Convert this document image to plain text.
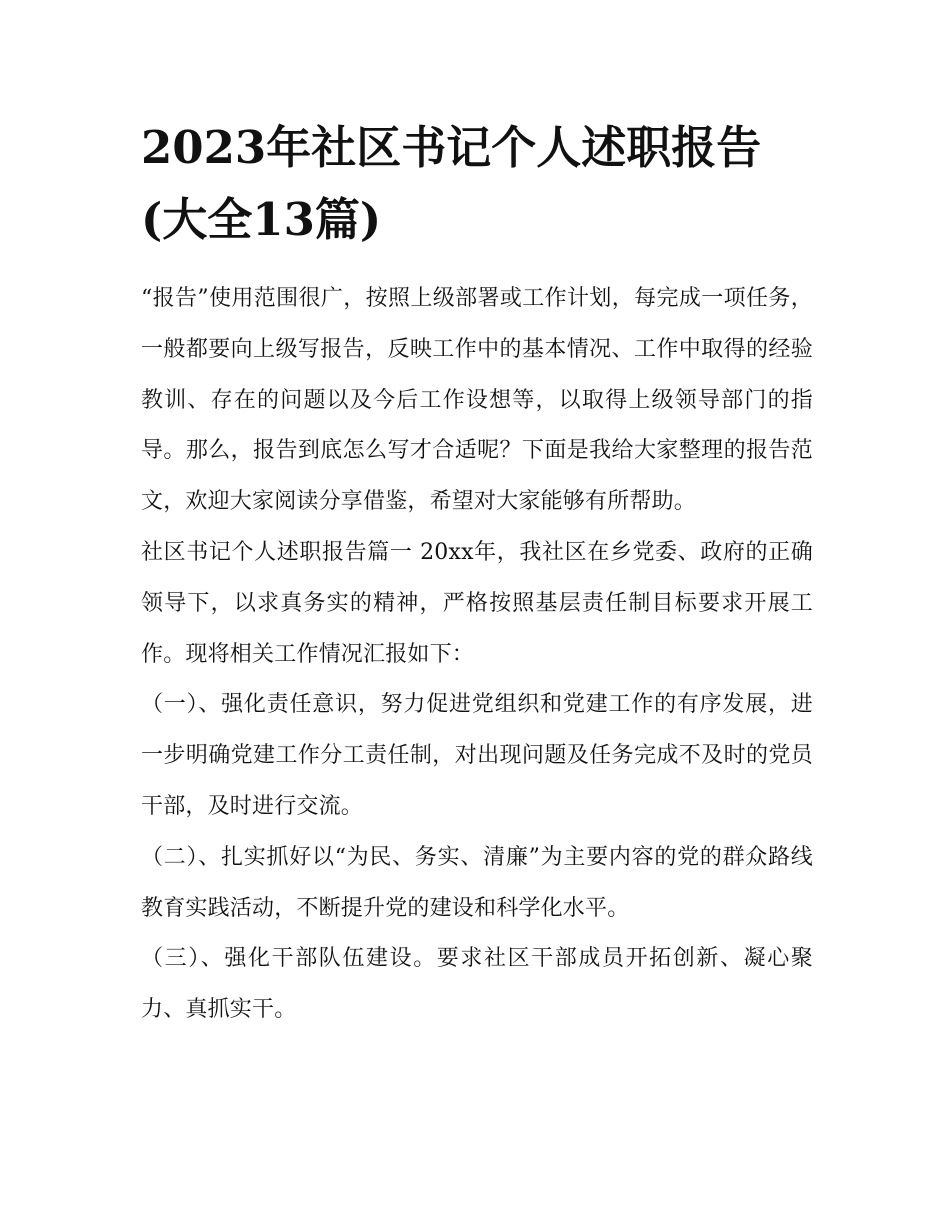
2023年社区书记个人述职报告(大全13篇)

“报告”使用范围很广，按照上级部署或工作计划，每完成一项任务，一般都要向上级写报告，反映工作中的基本情况、工作中取得的经验教训、存在的问题以及今后工作设想等，以取得上级领导部门的指导。那么，报告到底怎么写才合适呢？下面是我给大家整理的报告范文，欢迎大家阅读分享借鉴，希望对大家能够有所帮助。

社区书记个人述职报告篇一 20xx年，我社区在乡党委、政府的正确领导下，以求真务实的精神，严格按照基层责任制目标要求开展工作。现将相关工作情况汇报如下：

（一）、强化责任意识，努力促进党组织和党建工作的有序发展，进一步明确党建工作分工责任制，对出现问题及任务完成不及时的党员干部，及时进行交流。

（二）、扎实抓好以“为民、务实、清廉”为主要内容的党的群众路线教育实践活动，不断提升党的建设和科学化水平。

（三）、强化干部队伍建设。要求社区干部成员开拓创新、凝心聚力、真抓实干。
